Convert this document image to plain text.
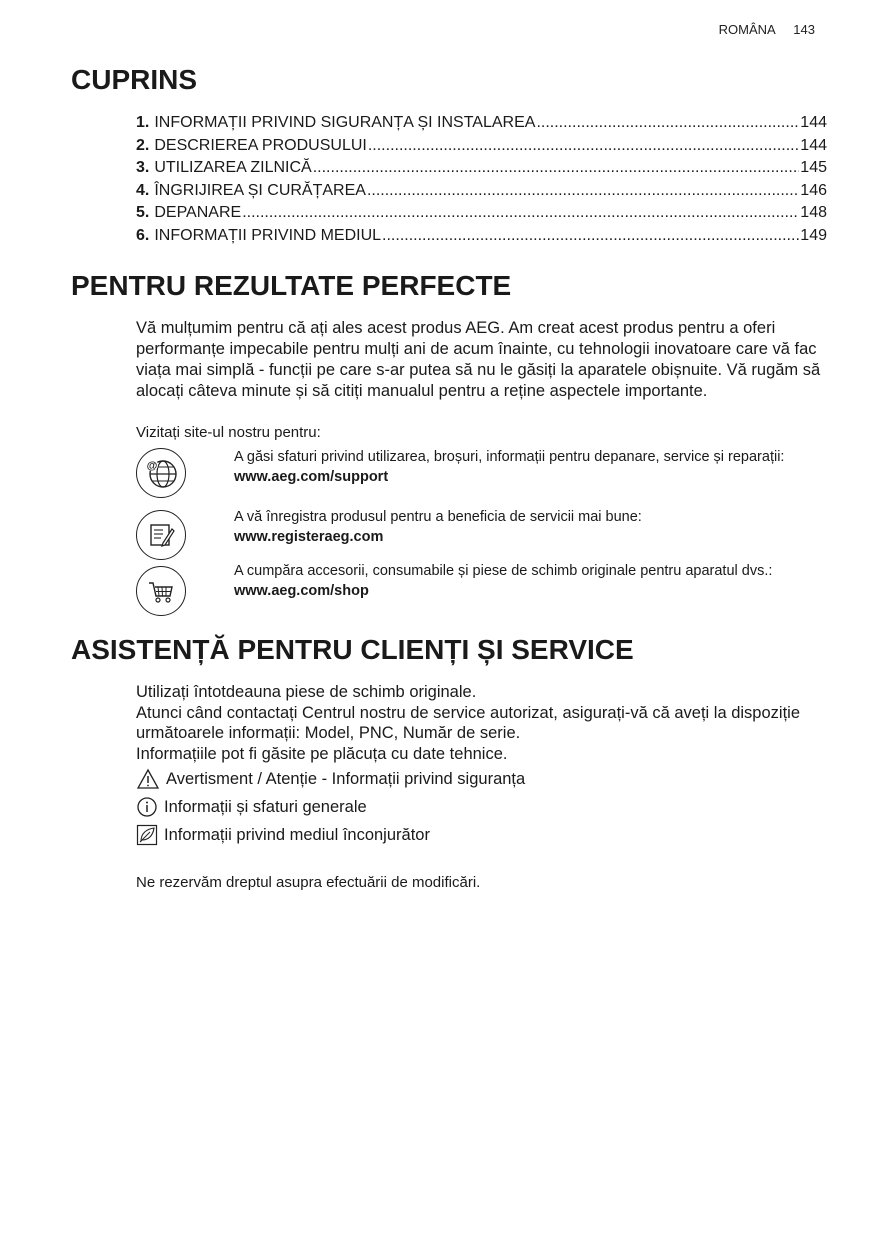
ROMÂNA 143
CUPRINS
1. INFORMAȚII PRIVIND SIGURANȚA ȘI INSTALAREA .....	144
2. DESCRIEREA PRODUSULUI .....	144
3. UTILIZAREA ZILNICĂ .....	145
4. ÎNGRIJIREA ȘI CURĂȚAREA .....	146
5. DEPANARE .....	148
6. INFORMAȚII PRIVIND MEDIUL .....	149
PENTRU REZULTATE PERFECTE

Vă mulțumim pentru că ați ales acest produs AEG. Am creat acest produs pentru a oferi performanțe impecabile pentru mulți ani de acum înainte, cu tehnologii inovatoare care vă fac viața mai simplă - funcții pe care s-ar putea să nu le găsiți la aparatele obișnuite. Vă rugăm să alocați câteva minute și să citiți manualul pentru a reține aspectele importante.

Vizitați site-ul nostru pentru:
@
A găsi sfaturi privind utilizarea, broșuri, informații pentru depanare, service și reparații:
www.aeg.com/support
A vă înregistra produsul pentru a beneficia de servicii mai bune:
www.registeraeg.com
A cumpăra accesorii, consumabile și piese de schimb originale pentru aparatul dvs.:
www.aeg.com/shop
ASISTENȚĂ PENTRU CLIENȚI ȘI SERVICE

Utilizați întotdeauna piese de schimb originale.

Atunci când contactați Centrul nostru de service autorizat, asigurați-vă că aveți la dispoziție următoarele informații: Model, PNC, Număr de serie.

Informațiile pot fi găsite pe plăcuța cu date tehnice.

Avertisment / Atenție - Informații privind siguranța
Informații și sfaturi generale
Informații privind mediul înconjurător
Ne rezervăm dreptul asupra efectuării de modificări.
